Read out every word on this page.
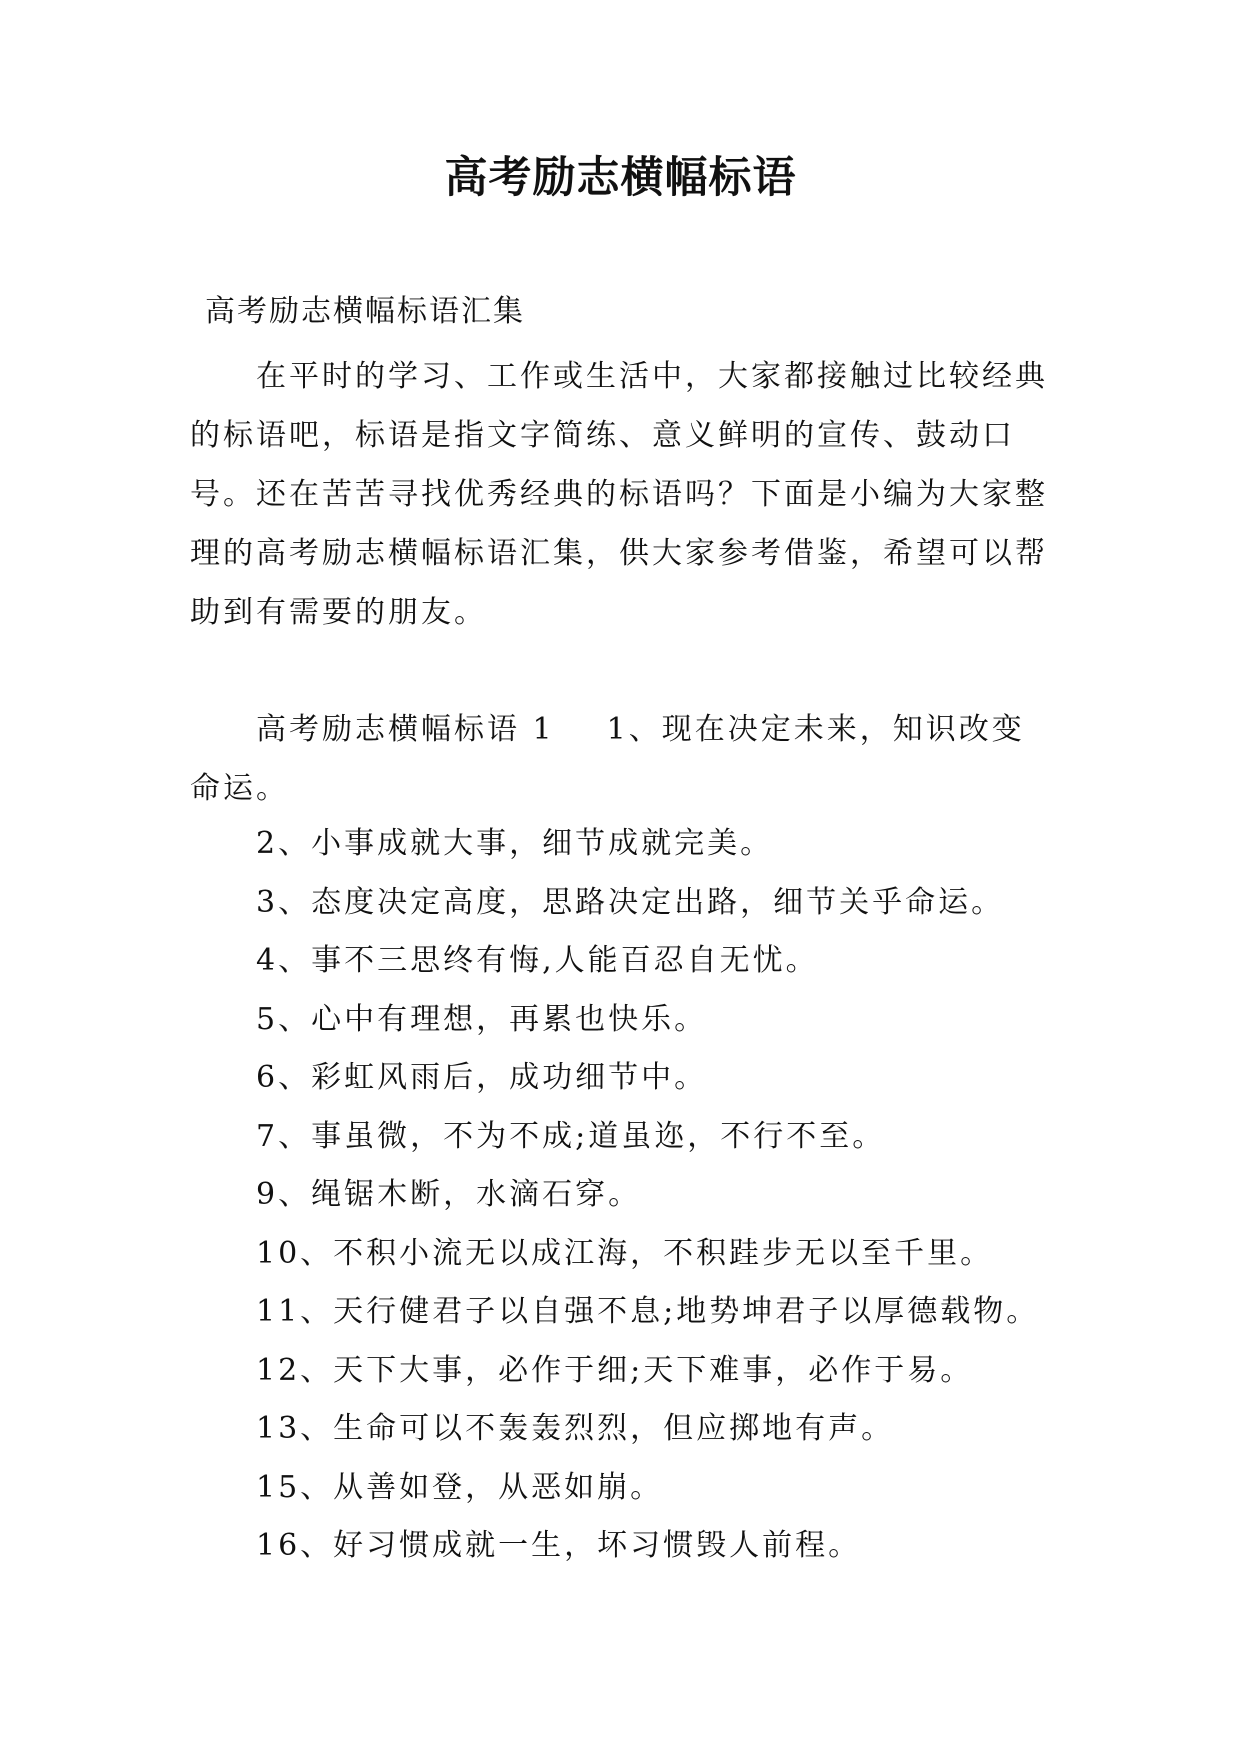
高考励志横幅标语
高考励志横幅标语汇集

在平时的学习、工作或生活中，大家都接触过比较经典的标语吧，标语是指文字简练、意义鲜明的宣传、鼓动口号。还在苦苦寻找优秀经典的标语吗？下面是小编为大家整理的高考励志横幅标语汇集，供大家参考借鉴，希望可以帮助到有需要的朋友。

高考励志横幅标语 1 1、现在决定未来，知识改变命运。

2、小事成就大事，细节成就完美。
3、态度决定高度，思路决定出路，细节关乎命运。
4、事不三思终有悔,人能百忍自无忧。
5、心中有理想，再累也快乐。
6、彩虹风雨后，成功细节中。
7、事虽微，不为不成;道虽迩，不行不至。
9、绳锯木断，水滴石穿。
10、不积小流无以成江海，不积跬步无以至千里。
11、天行健君子以自强不息;地势坤君子以厚德载物。
12、天下大事，必作于细;天下难事，必作于易。
13、生命可以不轰轰烈烈，但应掷地有声。
15、从善如登，从恶如崩。
16、好习惯成就一生，坏习惯毁人前程。
